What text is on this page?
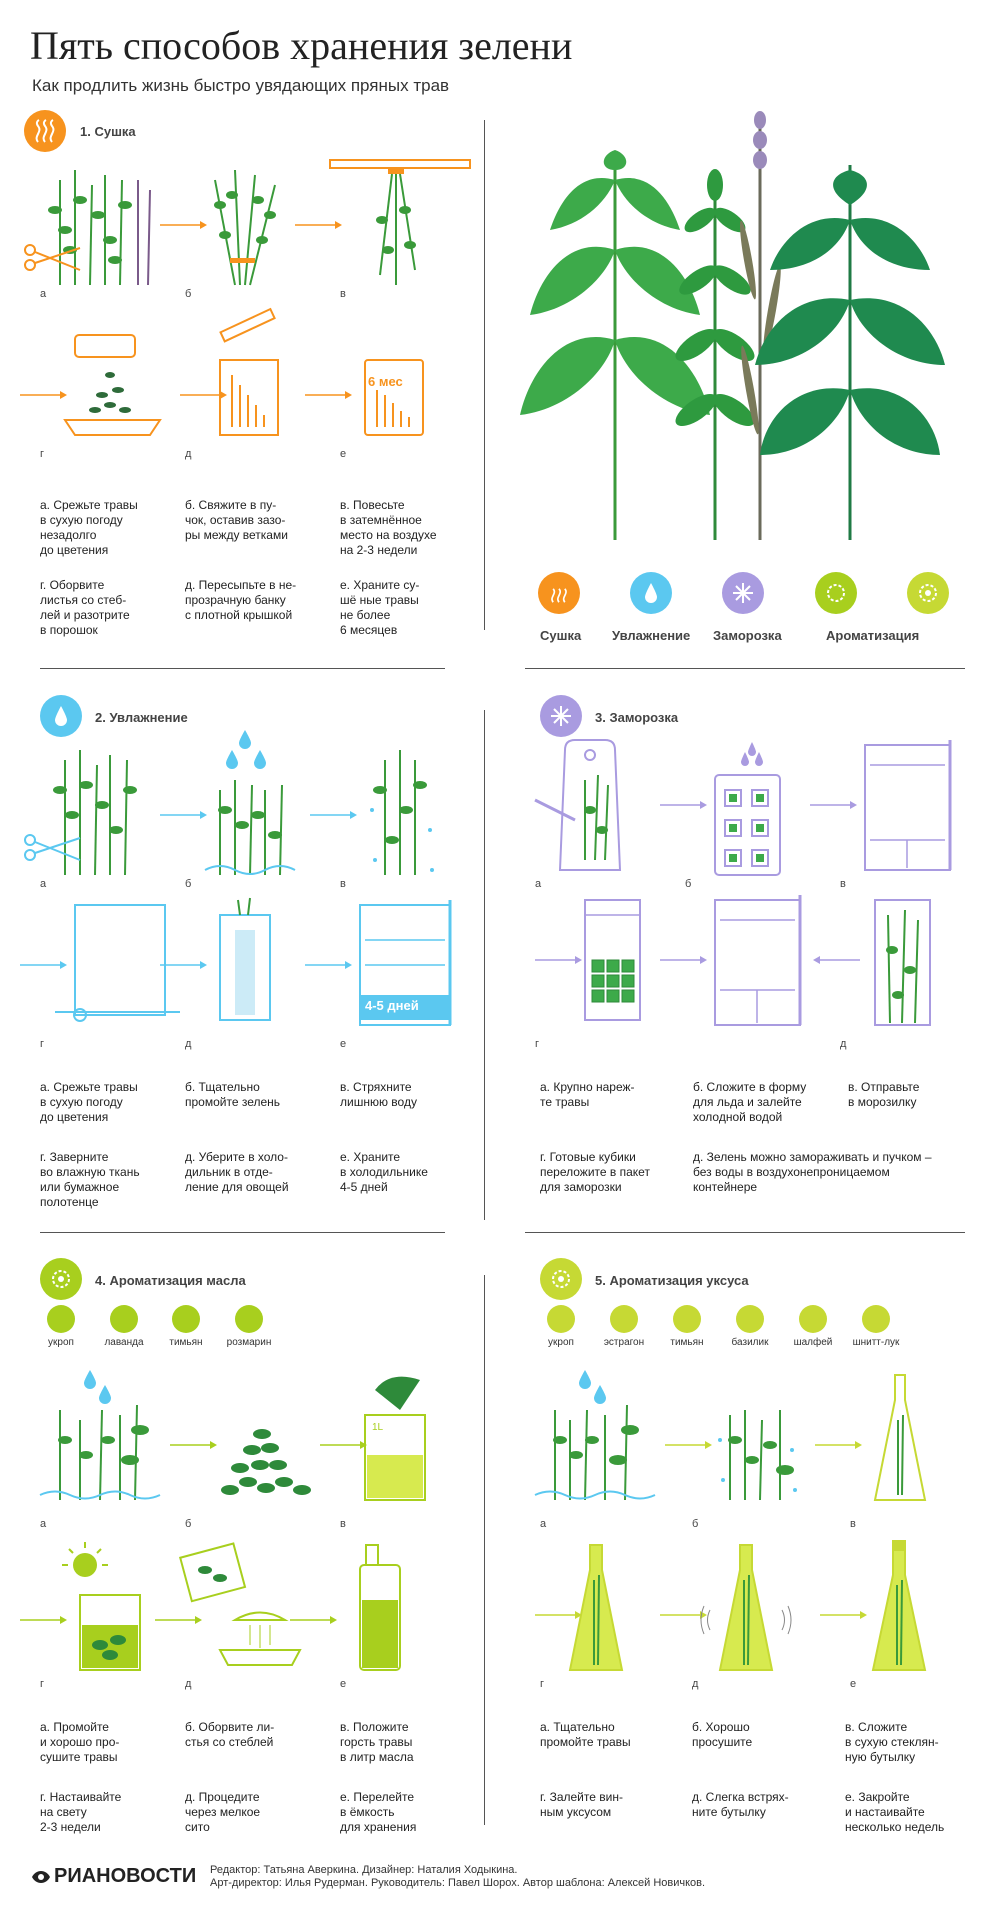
Пять способов хранения зелени
Как продлить жизнь быстро увядающих пряных трав
1. Сушка
а	б	в
6 мес
г	д	е
а. Срежьте травы
в сухую погоду
незадолго
до цветения
б. Свяжите в пу-
чок, оставив зазо-
ры между ветками
в. Повесьте
в затемнённое
место на воздухе
на 2-3 недели
г. Оборвите
листья со стеб-
лей и разотрите
в порошок
д. Пересыпьте в не-
прозрачную банку
с плотной крышкой
е. Храните су-
шё ные травы
не более
6 месяцев	Сушка Увлажнение Заморозка	Ароматизация
2. Увлажнение
а	б	в
4-5 дней
г	д	е
а. Срежьте травы
в сухую погоду
до цветения
б. Тщательно
промойте зелень
в. Стряхните
лишнюю воду
г. Заверните
во влажную ткань
или бумажное
полотенце
д. Уберите в холо-
дильник в отде-
ление для овощей
е. Храните
в холодильнике
4-5 дней
3. Заморозка
а	б	в
г	д
а. Крупно нареж-
те травы
б. Сложите в форму
для льда и залейте
холодной водой
в. Отправьте
в морозилку
г. Готовые кубики
переложите в пакет
для заморозки
д. Зелень можно замораживать и пучком –
без воды в воздухонепроницаемом
контейнере
4. Ароматизация масла
укроп	лаванда	тимьян	розмарин
1L
а	б	в
г	д	е
а. Промойте
и хорошо про-
сушите травы
б. Оборвите ли-
стья со стеблей
в. Положите
горсть травы
в литр масла
г. Настаивайте
на свету
2-3 недели
д. Процедите
через мелкое
сито
е. Перелейте
в ёмкость
для хранения
5. Ароматизация уксуса
укроп	эстрагон	тимьян	базилик	шалфей	шнитт-лук
а	б	в
г	д	е
а. Тщательно
промойте травы
б. Хорошо
просушите
в. Сложите
в сухую стеклян-
ную бутылку
г. Залейте вин-
ным уксусом
д. Слегка встрях-
ните бутылку
е. Закройте
и настаивайте
несколько недель
РИАНОВОСТИ Редактор: Татьяна Аверкина. Дизайнер: Наталия Ходыкина.
Арт-директор: Илья Рудерман. Руководитель: Павел Шорох. Автор шаблона: Алексей Новичков.
